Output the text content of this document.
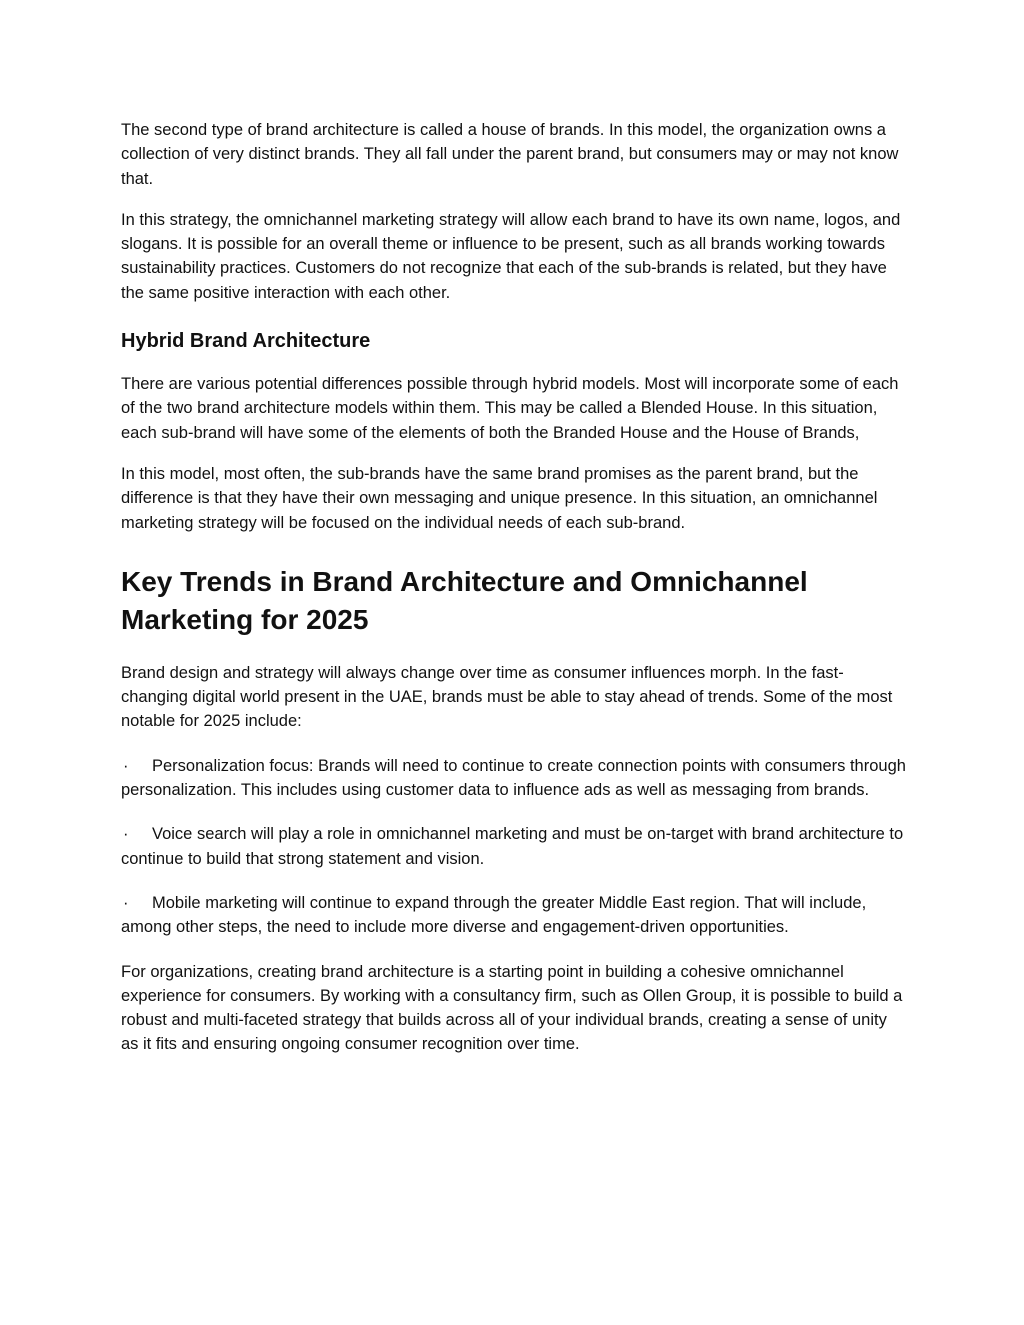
The second type of brand architecture is called a house of brands. In this model, the organization owns a collection of very distinct brands. They all fall under the parent brand, but consumers may or may not know that.

In this strategy, the omnichannel marketing strategy will allow each brand to have its own name, logos, and slogans. It is possible for an overall theme or influence to be present, such as all brands working towards sustainability practices. Customers do not recognize that each of the sub-brands is related, but they have the same positive interaction with each other.

Hybrid Brand Architecture

There are various potential differences possible through hybrid models. Most will incorporate some of each of the two brand architecture models within them. This may be called a Blended House. In this situation, each sub-brand will have some of the elements of both the Branded House and the House of Brands,

In this model, most often, the sub-brands have the same brand promises as the parent brand, but the difference is that they have their own messaging and unique presence. In this situation, an omnichannel marketing strategy will be focused on the individual needs of each sub-brand.

Key Trends in Brand Architecture and Omnichannel Marketing for 2025

Brand design and strategy will always change over time as consumer influences morph. In the fast-changing digital world present in the UAE, brands must be able to stay ahead of trends. Some of the most notable for 2025 include:

· Personalization focus: Brands will need to continue to create connection points with consumers through personalization. This includes using customer data to influence ads as well as messaging from brands.

· Voice search will play a role in omnichannel marketing and must be on-target with brand architecture to continue to build that strong statement and vision.

· Mobile marketing will continue to expand through the greater Middle East region. That will include, among other steps, the need to include more diverse and engagement-driven opportunities.

For organizations, creating brand architecture is a starting point in building a cohesive omnichannel experience for consumers. By working with a consultancy firm, such as Ollen Group, it is possible to build a robust and multi-faceted strategy that builds across all of your individual brands, creating a sense of unity as it fits and ensuring ongoing consumer recognition over time.
